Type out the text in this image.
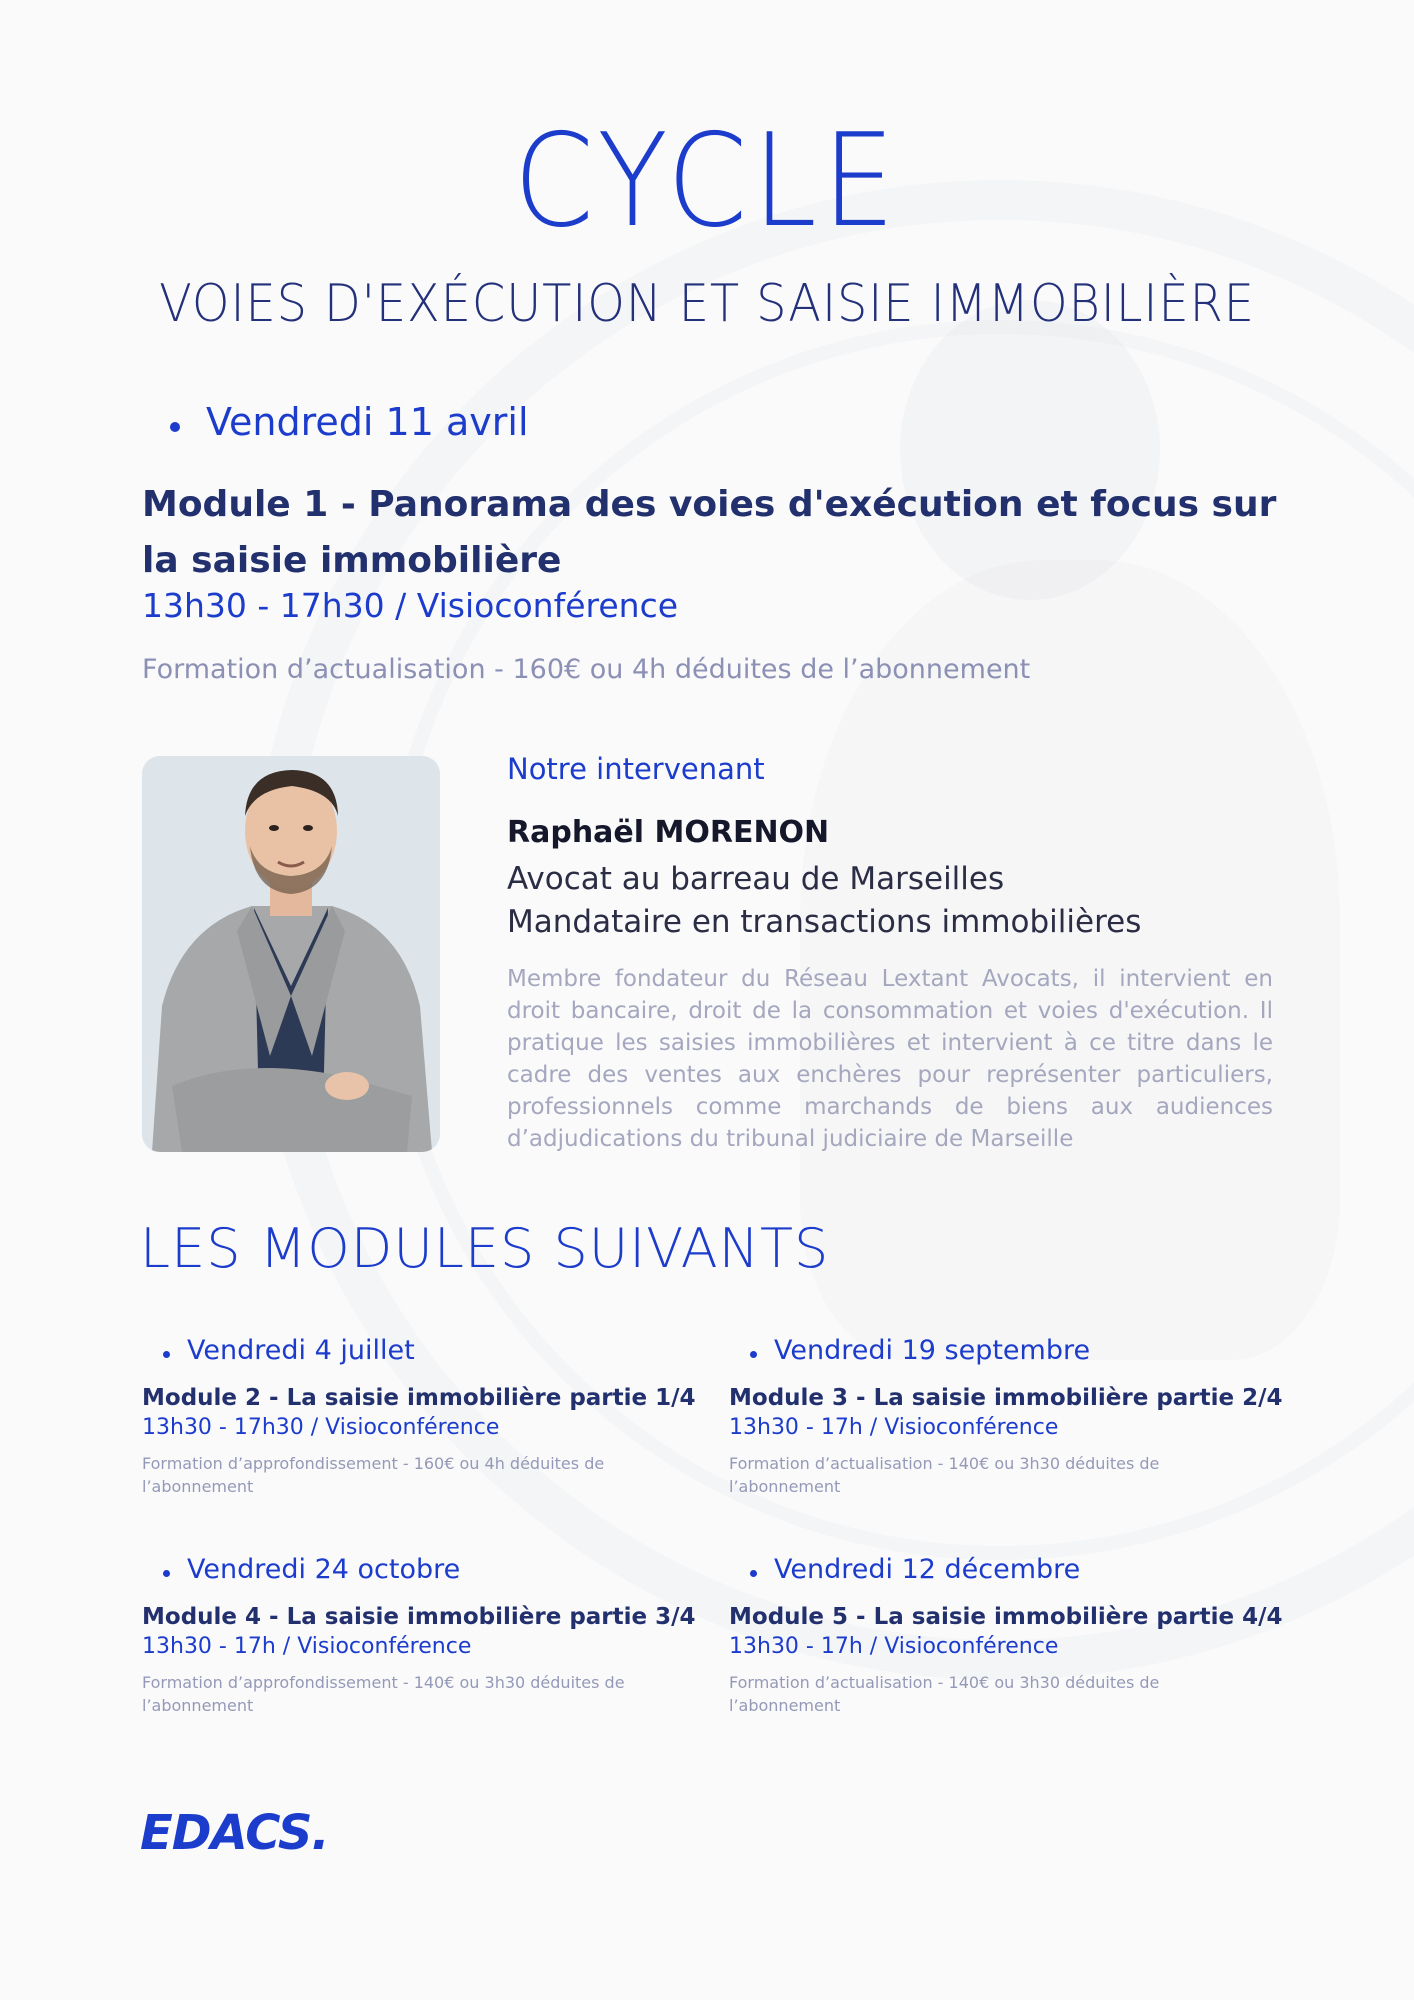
CYCLE
VOIES D'EXÉCUTION ET SAISIE IMMOBILIÈRE
Vendredi 11 avril
Module 1 - Panorama des voies d'exécution et focus sur la saisie immobilière
13h30 - 17h30 / Visioconférence
Formation d’actualisation - 160€ ou 4h déduites de l’abonnement
Notre intervenant
Raphaël MORENON
Avocat au barreau de Marseilles
Mandataire en transactions immobilières
Membre fondateur du Réseau Lextant Avocats, il intervient en droit bancaire, droit de la consommation et voies d'exécution. Il pratique les saisies immobilières et intervient à ce titre dans le cadre des ventes aux enchères pour représenter particuliers, professionnels comme marchands de biens aux audiences d’adjudications du tribunal judiciaire de Marseille
LES MODULES SUIVANTS
Vendredi 4 juillet
Module 2 - La saisie immobilière partie 1/4
13h30 - 17h30 / Visioconférence
Formation d’approfondissement - 160€ ou 4h déduites de l’abonnement
Vendredi 19 septembre
Module 3 - La saisie immobilière partie 2/4
13h30 - 17h / Visioconférence
Formation d’actualisation - 140€ ou 3h30 déduites de l’abonnement
Vendredi 24 octobre
Module 4 - La saisie immobilière partie 3/4
13h30 - 17h / Visioconférence
Formation d’approfondissement - 140€ ou 3h30 déduites de l’abonnement
Vendredi 12 décembre
Module 5 - La saisie immobilière partie 4/4
13h30 - 17h / Visioconférence
Formation d’actualisation - 140€ ou 3h30 déduites de l’abonnement
EDACS.
